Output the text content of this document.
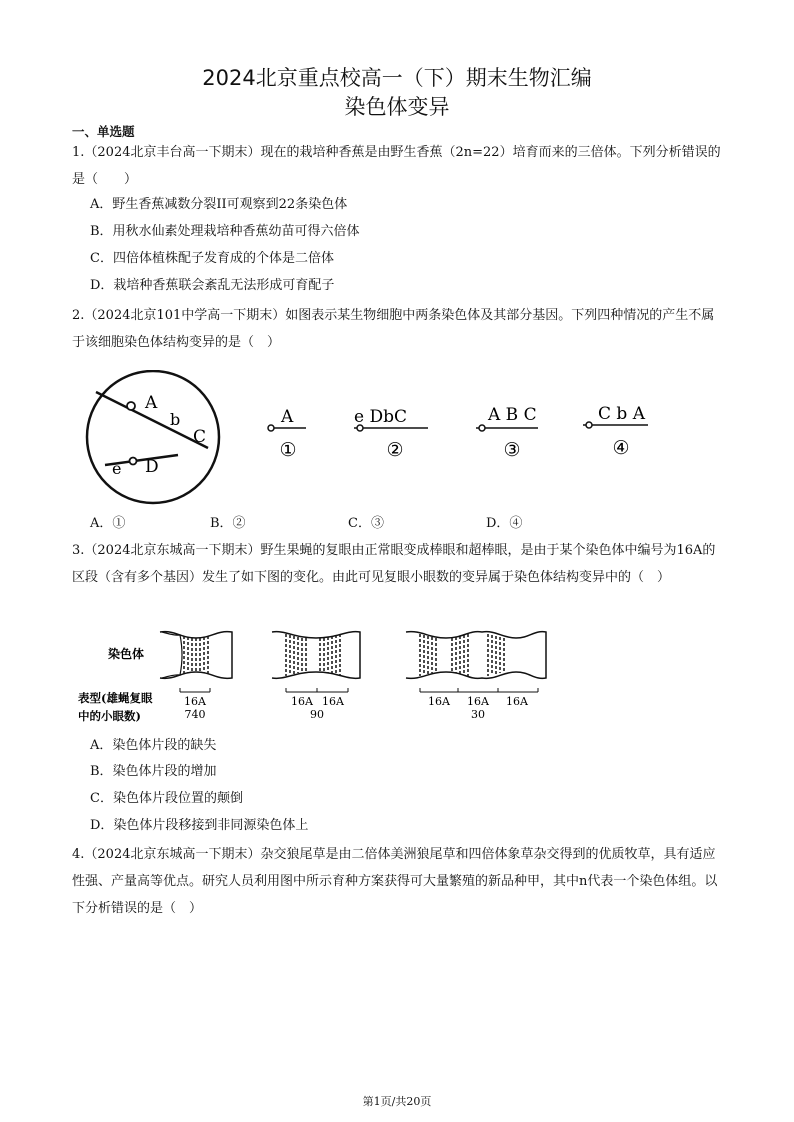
2024北京重点校高一（下）期末生物汇编
染色体变异
一、单选题
1.（2024北京丰台高一下期末）现在的栽培种香蕉是由野生香蕉（2n=22）培育而来的三倍体。下列分析错误的是（　　）
A．野生香蕉减数分裂II可观察到22条染色体
B．用秋水仙素处理栽培种香蕉幼苗可得六倍体
C．四倍体植株配子发育成的个体是二倍体
D．栽培种香蕉联会紊乱无法形成可育配子
2.（2024北京101中学高一下期末）如图表示某生物细胞中两条染色体及其部分基因。下列四种情况的产生不属于该细胞染色体结构变异的是（　）
A
b
C
e D
A
①
e DbC
②
A B C
③
C b A
④
A．①	B．②	C．③	D．④
3.（2024北京东城高一下期末）野生果蝇的复眼由正常眼变成棒眼和超棒眼，是由于某个染色体中编号为16A的区段（含有多个基因）发生了如下图的变化。由此可见复眼小眼数的变异属于染色体结构变异中的（　）
染色体
表型(雄蝇复眼
中的小眼数)
16A
740
16A 16A
90
16A 16A 16A
30
A．染色体片段的缺失
B．染色体片段的增加
C．染色体片段位置的颠倒
D．染色体片段移接到非同源染色体上
4.（2024北京东城高一下期末）杂交狼尾草是由二倍体美洲狼尾草和四倍体象草杂交得到的优质牧草，具有适应性强、产量高等优点。研究人员利用图中所示育种方案获得可大量繁殖的新品种甲，其中n代表一个染色体组。以下分析错误的是（　）
第1页/共20页
